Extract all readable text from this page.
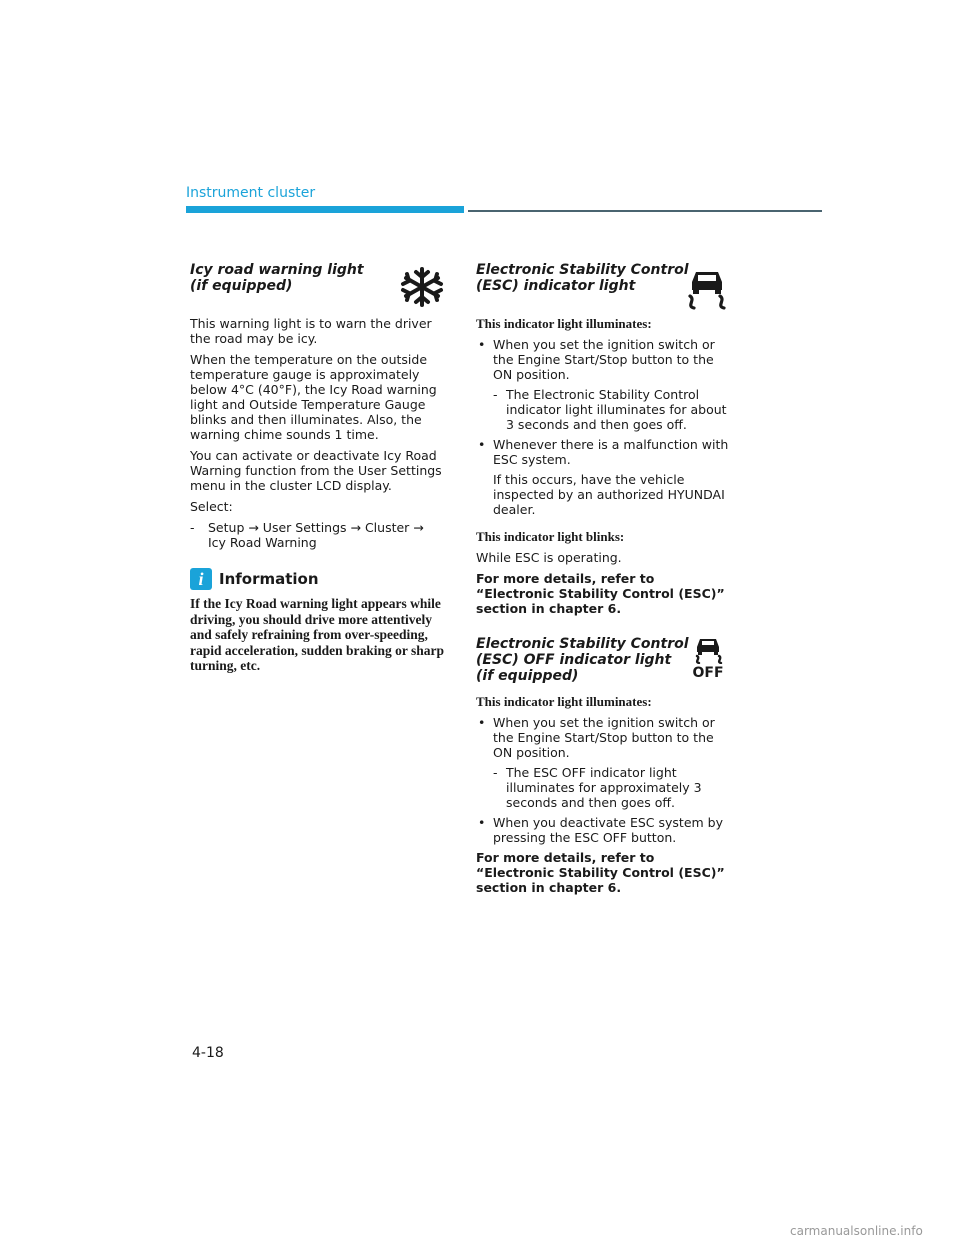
Instrument cluster
Icy road warning light
(if equipped)

This warning light is to warn the driver the road may be icy.

When the temperature on the outside temperature gauge is approximately below 4°C (40°F), the Icy Road warning light and Outside Temperature Gauge blinks and then illuminates. Also, the warning chime sounds 1 time.

You can activate or deactivate Icy Road Warning function from the User Settings menu in the cluster LCD display.

Select:

- Setup → User Settings → Cluster → Icy Road Warning
i	Information

If the Icy Road warning light appears while driving, you should drive more attentively and safely refraining from over-speeding, rapid acceleration, sudden braking or sharp turning, etc.

Electronic Stability Control
(ESC) indicator light

This indicator light illuminates:

• When you set the ignition switch or the Engine Start/Stop button to the ON position.
- The Electronic Stability Control indicator light illuminates for about 3 seconds and then goes off.
• Whenever there is a malfunction with ESC system.
If this occurs, have the vehicle inspected by an authorized HYUNDAI dealer.

This indicator light blinks:

While ESC is operating.

For more details, refer to “Electronic Stability Control (ESC)” section in chapter 6.

Electronic Stability Control
(ESC) OFF indicator light
(if equipped)	OFF

This indicator light illuminates:

• When you set the ignition switch or the Engine Start/Stop button to the ON position.
- The ESC OFF indicator light illuminates for approximately 3 seconds and then goes off.
• When you deactivate ESC system by pressing the ESC OFF button.

For more details, refer to “Electronic Stability Control (ESC)” section in chapter 6.

4-18
carmanualsonline.info
